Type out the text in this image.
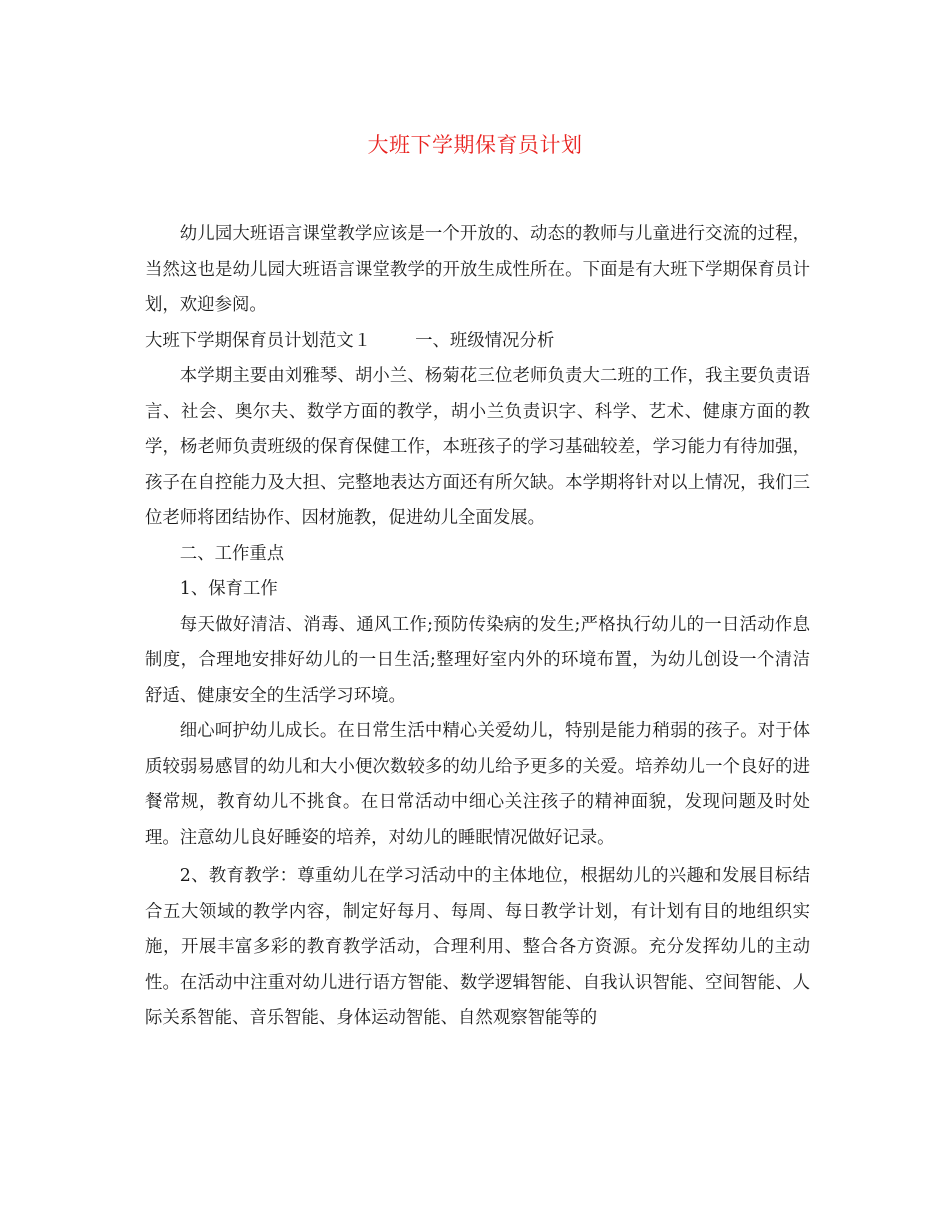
大班下学期保育员计划

幼儿园大班语言课堂教学应该是一个开放的、动态的教师与儿童进行交流的过程，当然这也是幼儿园大班语言课堂教学的开放生成性所在。下面是有大班下学期保育员计划，欢迎参阅。

大班下学期保育员计划范文１	一、班级情况分析

本学期主要由刘雅琴、胡小兰、杨菊花三位老师负责大二班的工作，我主要负责语言、社会、奥尔夫、数学方面的教学，胡小兰负责识字、科学、艺术、健康方面的教学，杨老师负责班级的保育保健工作，本班孩子的学习基础较差，学习能力有待加强，孩子在自控能力及大担、完整地表达方面还有所欠缺。本学期将针对以上情况，我们三位老师将团结协作、因材施教，促进幼儿全面发展。

二、工作重点

1、保育工作

每天做好清洁、消毒、通风工作;预防传染病的发生;严格执行幼儿的一日活动作息制度，合理地安排好幼儿的一日生活;整理好室内外的环境布置，为幼儿创设一个清洁舒适、健康安全的生活学习环境。

细心呵护幼儿成长。在日常生活中精心关爱幼儿，特别是能力稍弱的孩子。对于体质较弱易感冒的幼儿和大小便次数较多的幼儿给予更多的关爱。培养幼儿一个良好的进餐常规，教育幼儿不挑食。在日常活动中细心关注孩子的精神面貌，发现问题及时处理。注意幼儿良好睡姿的培养，对幼儿的睡眠情况做好记录。

2、教育教学：尊重幼儿在学习活动中的主体地位，根据幼儿的兴趣和发展目标结合五大领域的教学内容，制定好每月、每周、每日教学计划，有计划有目的地组织实施，开展丰富多彩的教育教学活动，合理利用、整合各方资源。充分发挥幼儿的主动性。在活动中注重对幼儿进行语方智能、数学逻辑智能、自我认识智能、空间智能、人际关系智能、音乐智能、身体运动智能、自然观察智能等的
